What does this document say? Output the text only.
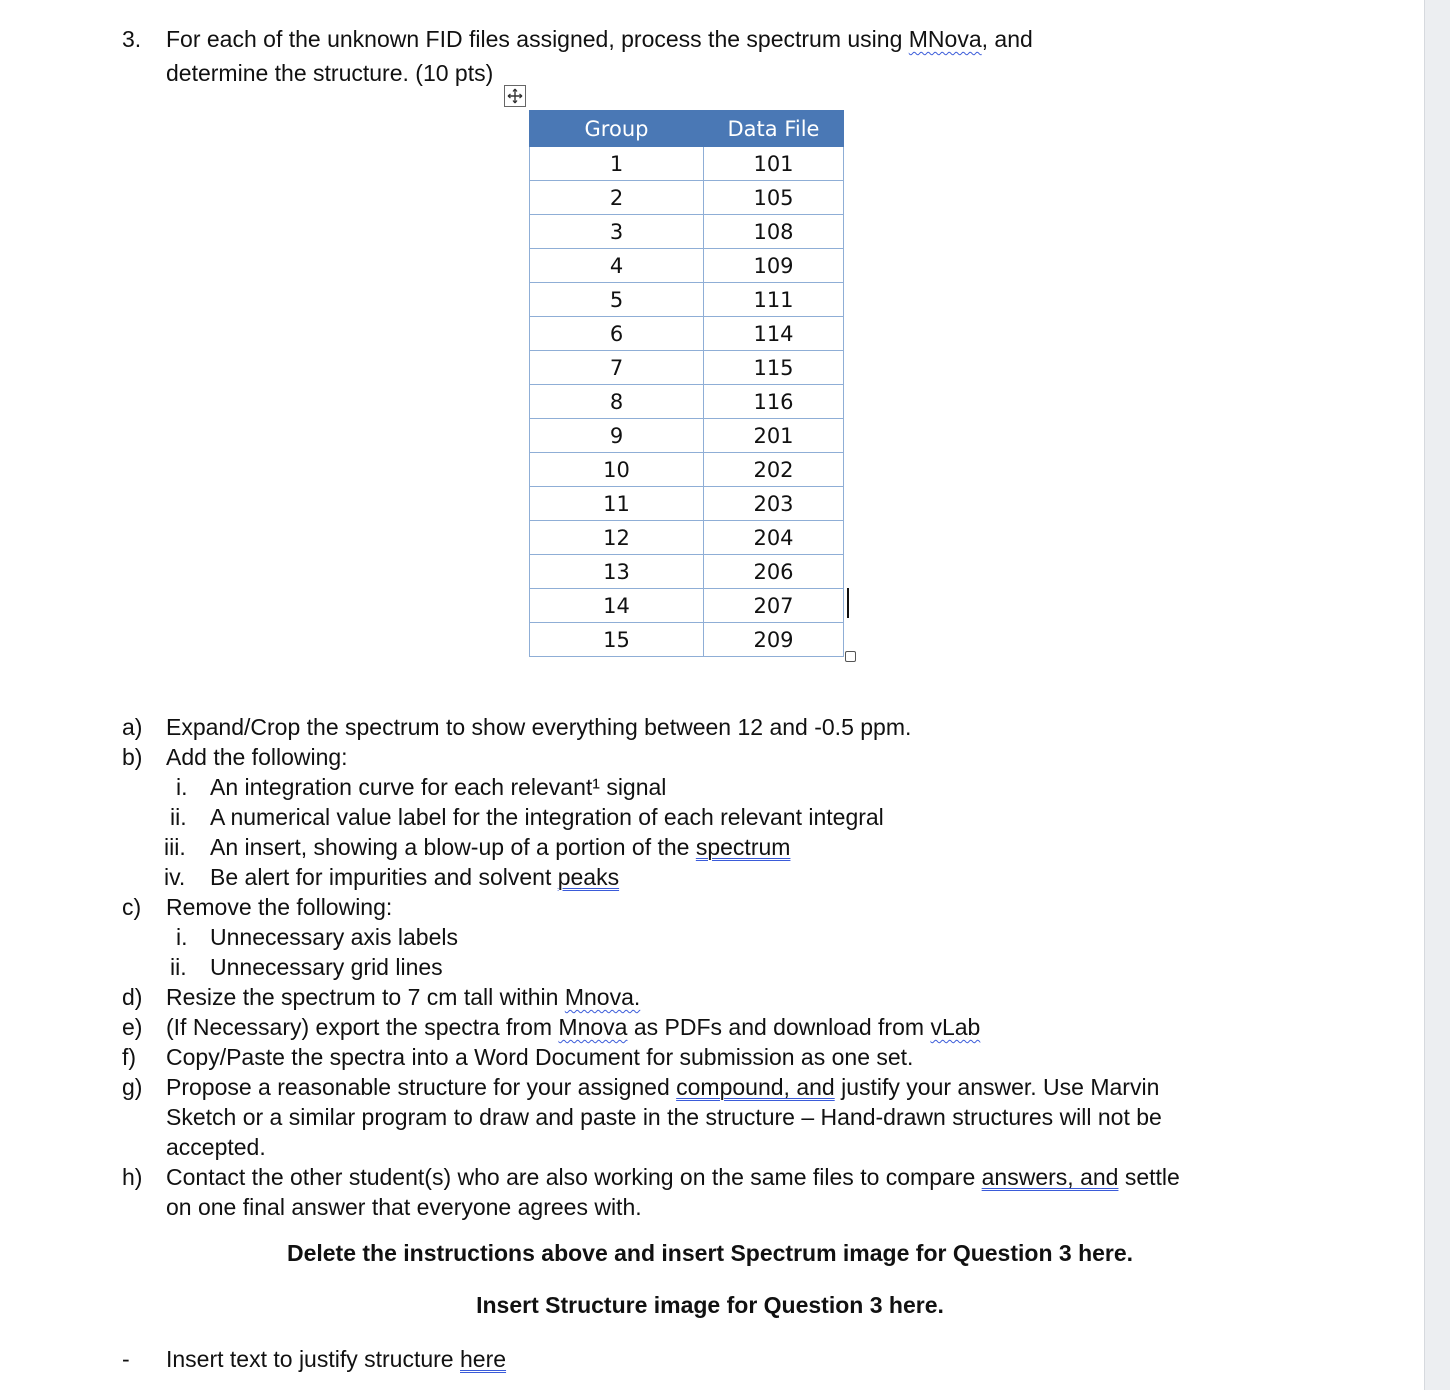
3. For each of the unknown FID files assigned, process the spectrum using MNova, and
determine the structure. (10 pts)
Group	Data File
1	101
2	105
3	108
4	109
5	111
6	114
7	115
8	116
9	201
10	202
11	203
12	204
13	206
14	207
15	209
a) Expand/Crop the spectrum to show everything between 12 and -0.5 ppm.
b) Add the following:
i. An integration curve for each relevant¹ signal
ii. A numerical value label for the integration of each relevant integral
iii. An insert, showing a blow-up of a portion of the spectrum
iv. Be alert for impurities and solvent peaks
c) Remove the following:
i. Unnecessary axis labels
ii. Unnecessary grid lines
d) Resize the spectrum to 7 cm tall within Mnova.
e) (If Necessary) export the spectra from Mnova as PDFs and download from vLab
f) Copy/Paste the spectra into a Word Document for submission as one set.
g) Propose a reasonable structure for your assigned compound, and justify your answer. Use Marvin
Sketch or a similar program to draw and paste in the structure – Hand-drawn structures will not be
accepted.
h) Contact the other student(s) who are also working on the same files to compare answers, and settle
on one final answer that everyone agrees with.
Delete the instructions above and insert Spectrum image for Question 3 here.
Insert Structure image for Question 3 here.
- Insert text to justify structure here
